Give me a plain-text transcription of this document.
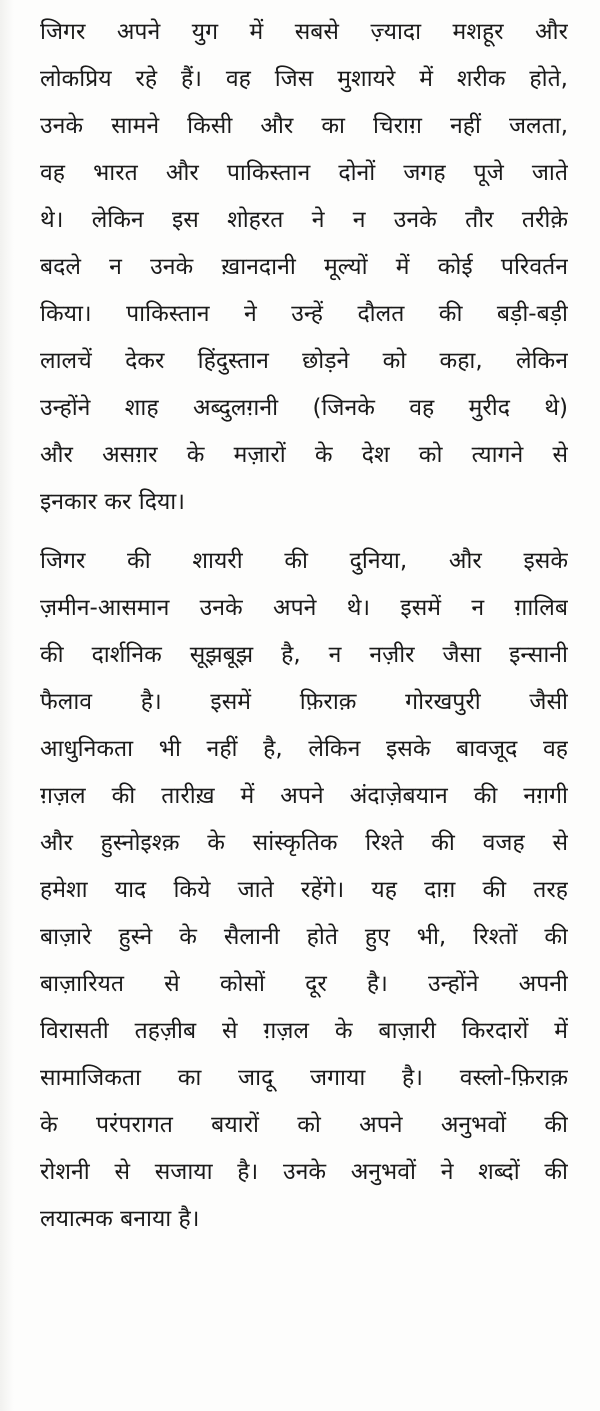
जिगर अपने युग में सबसे ज़्यादा मशहूर और
लोकप्रिय रहे हैं। वह जिस मुशायरे में शरीक होते,
उनके सामने किसी और का चिराग़ नहीं जलता,
वह भारत और पाकिस्तान दोनों जगह पूजे जाते
थे। लेकिन इस शोहरत ने न उनके तौर तरीक़े
बदले न उनके ख़ानदानी मूल्यों में कोई परिवर्तन
किया। पाकिस्तान ने उन्हें दौलत की बड़ी-बड़ी
लालचें देकर हिंदुस्तान छोड़ने को कहा, लेकिन
उन्होंने शाह अब्दुलग़नी (जिनके वह मुरीद थे)
और असग़र के मज़ारों के देश को त्यागने से
इनकार कर दिया।

जिगर की शायरी की दुनिया, और इसके
ज़मीन-आसमान उनके अपने थे। इसमें न ग़ालिब
की दार्शनिक सूझबूझ है, न नज़ीर जैसा इन्सानी
फैलाव है। इसमें फ़िराक़ गोरखपुरी जैसी
आधुनिकता भी नहीं है, लेकिन इसके बावजूद वह
ग़ज़ल की तारीख़ में अपने अंदाज़ेबयान की नग़गी
और हुस्नोइश्क़ के सांस्कृतिक रिश्ते की वजह से
हमेशा याद किये जाते रहेंगे। यह दाग़ की तरह
बाज़ारे हुस्ने के सैलानी होते हुए भी, रिश्तों की
बाज़ारियत से कोसों दूर है। उन्होंने अपनी
विरासती तहज़ीब से ग़ज़ल के बाज़ारी किरदारों में
सामाजिकता का जादू जगाया है। वस्लो-फ़िराक़
के परंपरागत बयारों को अपने अनुभवों की
रोशनी से सजाया है। उनके अनुभवों ने शब्दों की
लयात्मक बनाया है।
